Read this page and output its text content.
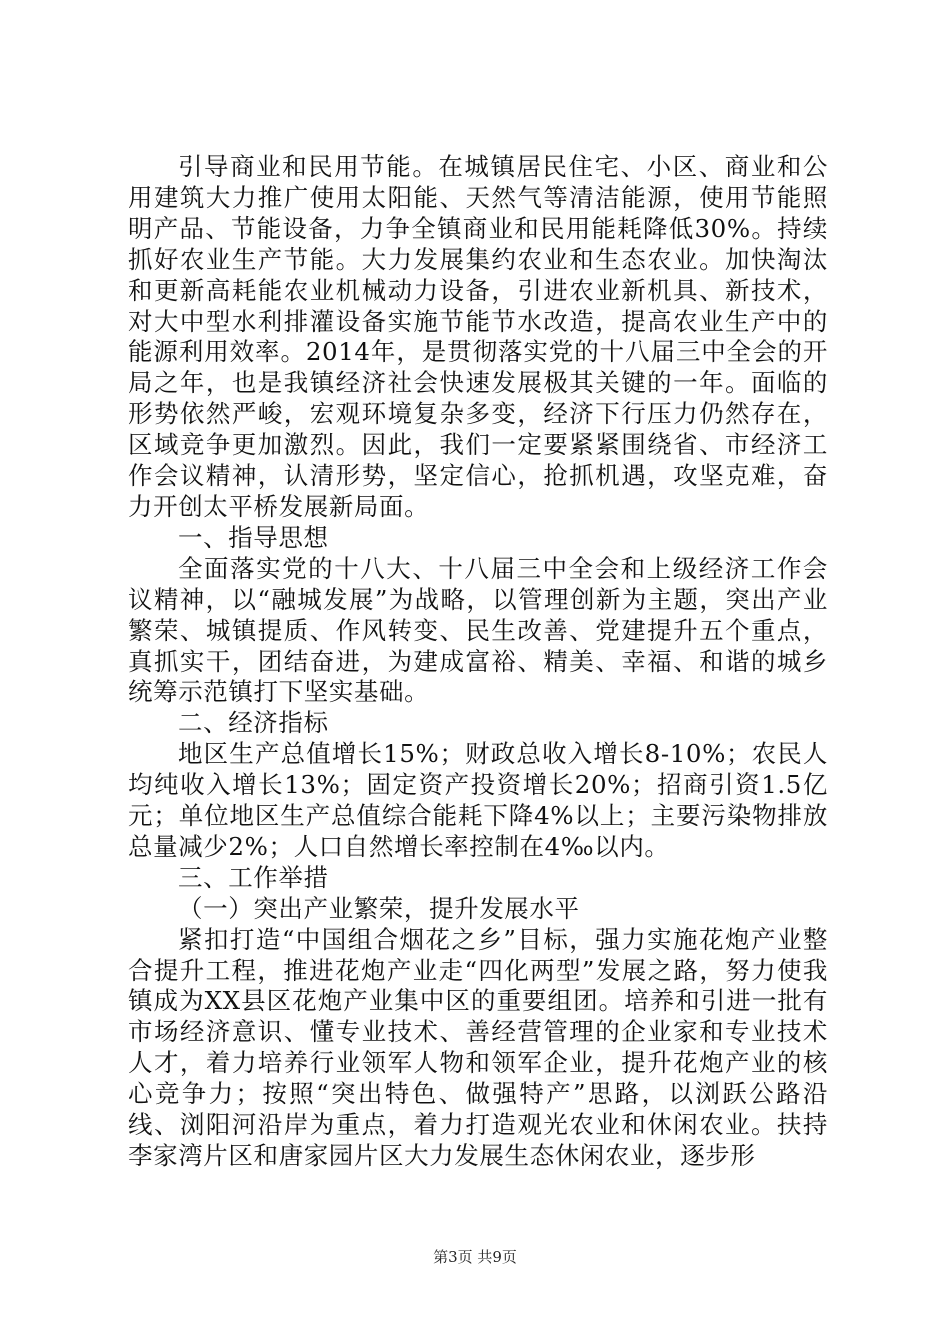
引导商业和民用节能。在城镇居民住宅、小区、商业和公用建筑大力推广使用太阳能、天然气等清洁能源，使用节能照明产品、节能设备，力争全镇商业和民用能耗降低30%。持续抓好农业生产节能。大力发展集约农业和生态农业。加快淘汰和更新高耗能农业机械动力设备，引进农业新机具、新技术，对大中型水利排灌设备实施节能节水改造，提高农业生产中的能源利用效率。2014年，是贯彻落实党的十八届三中全会的开局之年，也是我镇经济社会快速发展极其关键的一年。面临的形势依然严峻，宏观环境复杂多变，经济下行压力仍然存在，区域竞争更加激烈。因此，我们一定要紧紧围绕省、市经济工作会议精神，认清形势，坚定信心，抢抓机遇，攻坚克难，奋力开创太平桥发展新局面。

一、指导思想

全面落实党的十八大、十八届三中全会和上级经济工作会议精神，以“融城发展”为战略，以管理创新为主题，突出产业繁荣、城镇提质、作风转变、民生改善、党建提升五个重点，真抓实干，团结奋进，为建成富裕、精美、幸福、和谐的城乡统筹示范镇打下坚实基础。

二、经济指标

地区生产总值增长15%；财政总收入增长8-10%；农民人均纯收入增长13%；固定资产投资增长20%；招商引资1.5亿元；单位地区生产总值综合能耗下降4%以上；主要污染物排放总量减少2%；人口自然增长率控制在4‰以内。

三、工作举措

（一）突出产业繁荣，提升发展水平

紧扣打造“中国组合烟花之乡”目标，强力实施花炮产业整合提升工程，推进花炮产业走“四化两型”发展之路，努力使我镇成为XX县区花炮产业集中区的重要组团。培养和引进一批有市场经济意识、懂专业技术、善经营管理的企业家和专业技术人才，着力培养行业领军人物和领军企业，提升花炮产业的核心竞争力；按照“突出特色、做强特产”思路，以浏跃公路沿线、浏阳河沿岸为重点，着力打造观光农业和休闲农业。扶持李家湾片区和唐家园片区大力发展生态休闲农业，逐步形

第3页 共9页
